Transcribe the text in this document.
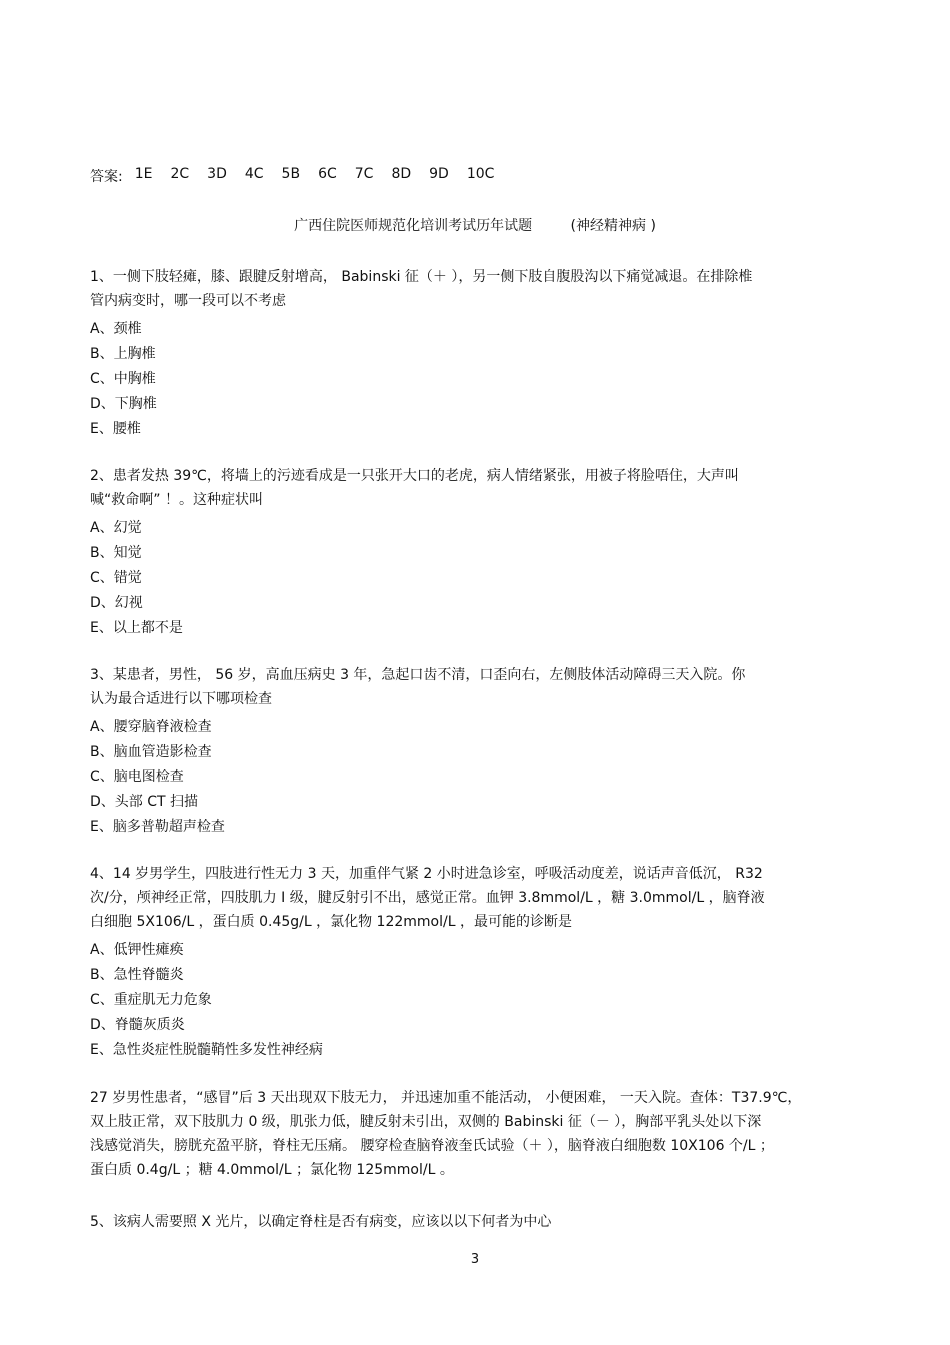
答案: 1E 2C 3D 4C 5B 6C 7C 8D 9D 10C
广西住院医师规范化培训考试历年试题	(神经精神病 )
1、一侧下肢轻瘫，膝、跟腱反射增高， Babinski 征（＋ ），另一侧下肢自腹股沟以下痛觉减退。在排除椎
管内病变时，哪一段可以不考虑
A、颈椎
B、上胸椎
C、中胸椎
D、下胸椎
E、腰椎
2、患者发热 39℃，将墙上的污迹看成是一只张开大口的老虎，病人情绪紧张，用被子将脸唔住，大声叫
喊“救命啊” ！。这种症状叫
A、幻觉
B、知觉
C、错觉
D、幻视
E、以上都不是
3、某患者，男性， 56 岁，高血压病史 3 年，急起口齿不清，口歪向右，左侧肢体活动障碍三天入院。你
认为最合适进行以下哪项检查
A、腰穿脑脊液检查
B、脑血管造影检查
C、脑电图检查
D、头部 CT 扫描
E、脑多普勒超声检查
4、14 岁男学生，四肢进行性无力 3 天，加重伴气紧 2 小时进急诊室，呼吸活动度差，说话声音低沉， R32
次/分，颅神经正常，四肢肌力 I 级，腱反射引不出，感觉正常。血钾 3.8mmol/L ，糖 3.0mmol/L ，脑脊液
白细胞 5X106/L ，蛋白质 0.45g/L ，氯化物 122mmol/L ，最可能的诊断是
A、低钾性瘫痪
B、急性脊髓炎
C、重症肌无力危象
D、脊髓灰质炎
E、急性炎症性脱髓鞘性多发性神经病
27 岁男性患者，“感冒”后 3 天出现双下肢无力， 并迅速加重不能活动， 小便困难， 一天入院。查体：T37.9℃，
双上肢正常，双下肢肌力 0 级，肌张力低，腱反射未引出，双侧的 Babinski 征（－ ），胸部平乳头处以下深
浅感觉消失，膀胱充盈平脐，脊柱无压痛。 腰穿检查脑脊液奎氏试验（＋ ），脑脊液白细胞数 10X106 个/L ；
蛋白质 0.4g/L ；糖 4.0mmol/L ；氯化物 125mmol/L 。
5、该病人需要照 X 光片，以确定脊柱是否有病变，应该以以下何者为中心
3
